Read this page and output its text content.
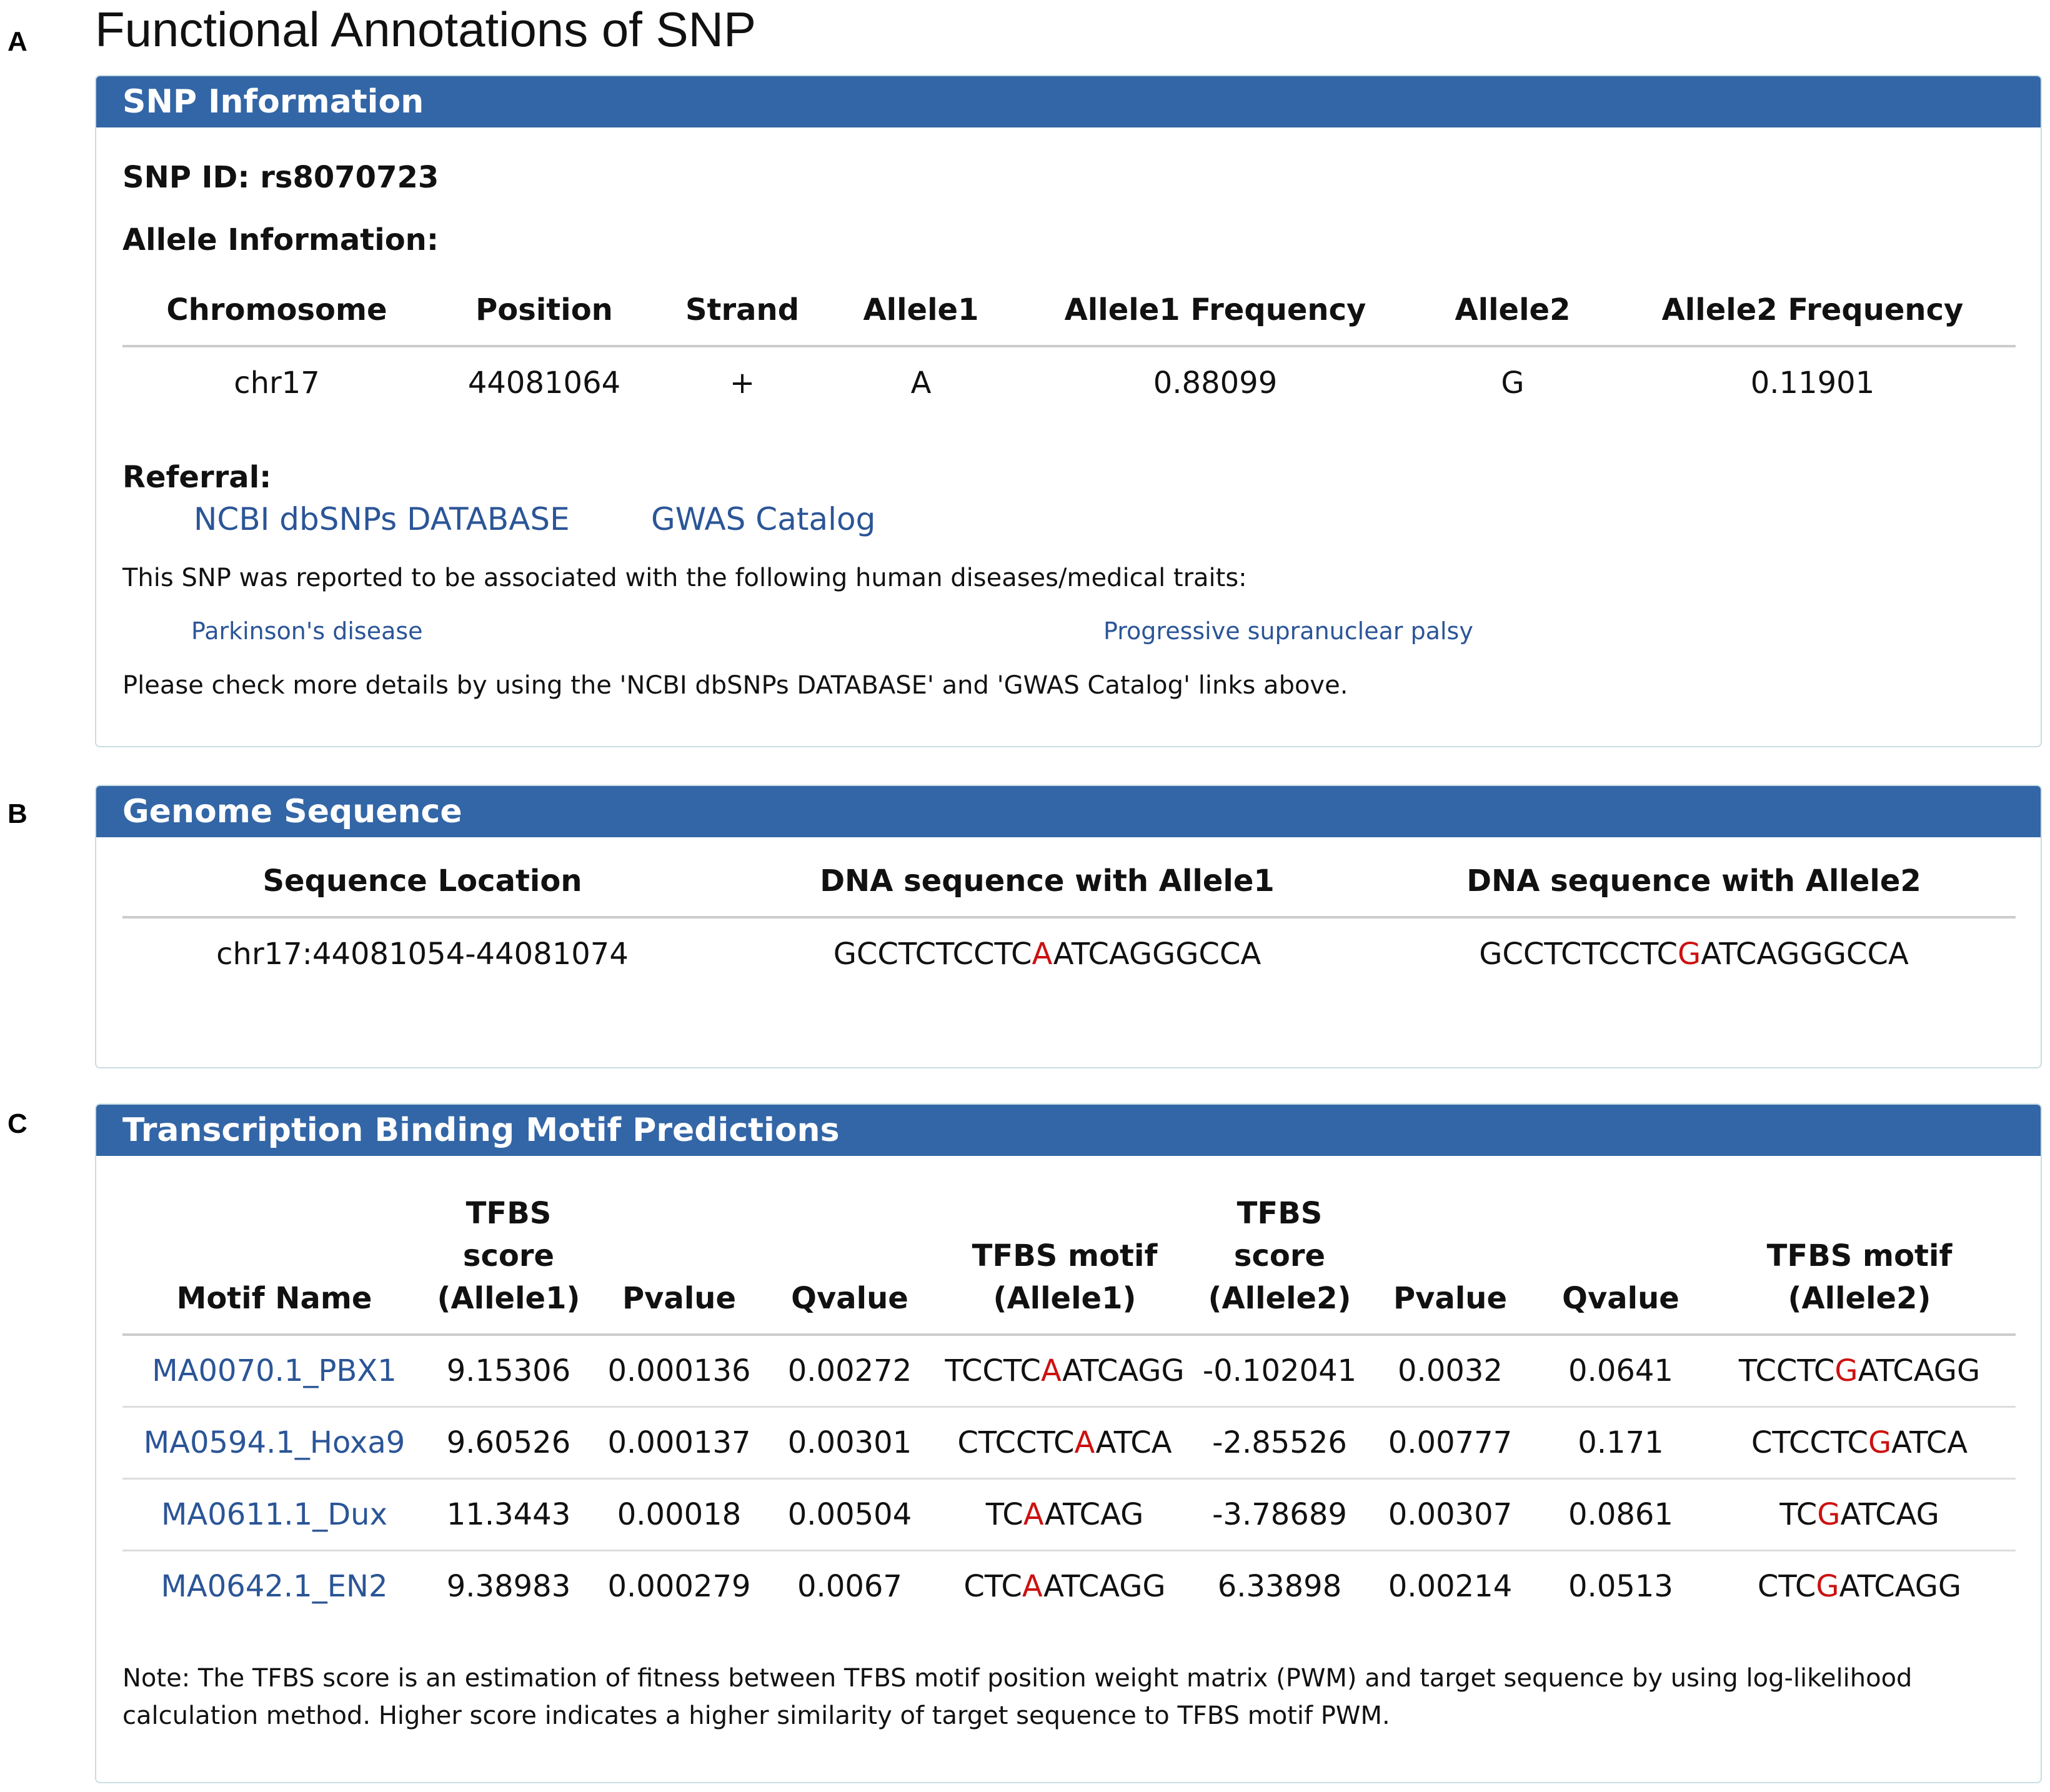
A Functional Annotations of SNP
SNP Information
SNP ID: rs8070723
Allele Information:
Chromosome	Position	Strand	Allele1	Allele1 Frequency	Allele2	Allele2 Frequency
chr17	44081064	+	A	0.88099	G	0.11901
Referral:
NCBI dbSNPs DATABASE	GWAS Catalog
This SNP was reported to be associated with the following human diseases/medical traits:
Parkinson's disease	Progressive supranuclear palsy
Please check more details by using the 'NCBI dbSNPs DATABASE' and 'GWAS Catalog' links above.
B	Genome Sequence
Sequence Location	DNA sequence with Allele1	DNA sequence with Allele2
chr17:44081054-44081074	GCCTCTCCTCAATCAGGGCCA	GCCTCTCCTCGATCAGGGCCA
C	Transcription Binding Motif Predictions
Motif Name	TFBS score (Allele1)	Pvalue	Qvalue	TFBS motif (Allele1)	TFBS score (Allele2)	Pvalue	Qvalue	TFBS motif (Allele2)
MA0070.1_PBX1	9.15306	0.000136	0.00272	TCCTCAATCAGG	-0.102041	0.0032	0.0641	TCCTCGATCAGG
MA0594.1_Hoxa9	9.60526	0.000137	0.00301	CTCCTCAATCA	-2.85526	0.00777	0.171	CTCCTCGATCA
MA0611.1_Dux	11.3443	0.00018	0.00504	TCAATCAG	-3.78689	0.00307	0.0861	TCGATCAG
MA0642.1_EN2	9.38983	0.000279	0.0067	CTCAATCAGG	6.33898	0.00214	0.0513	CTCGATCAGG
Note: The TFBS score is an estimation of fitness between TFBS motif position weight matrix (PWM) and target sequence by using log-likelihood calculation method. Higher score indicates a higher similarity of target sequence to TFBS motif PWM.
